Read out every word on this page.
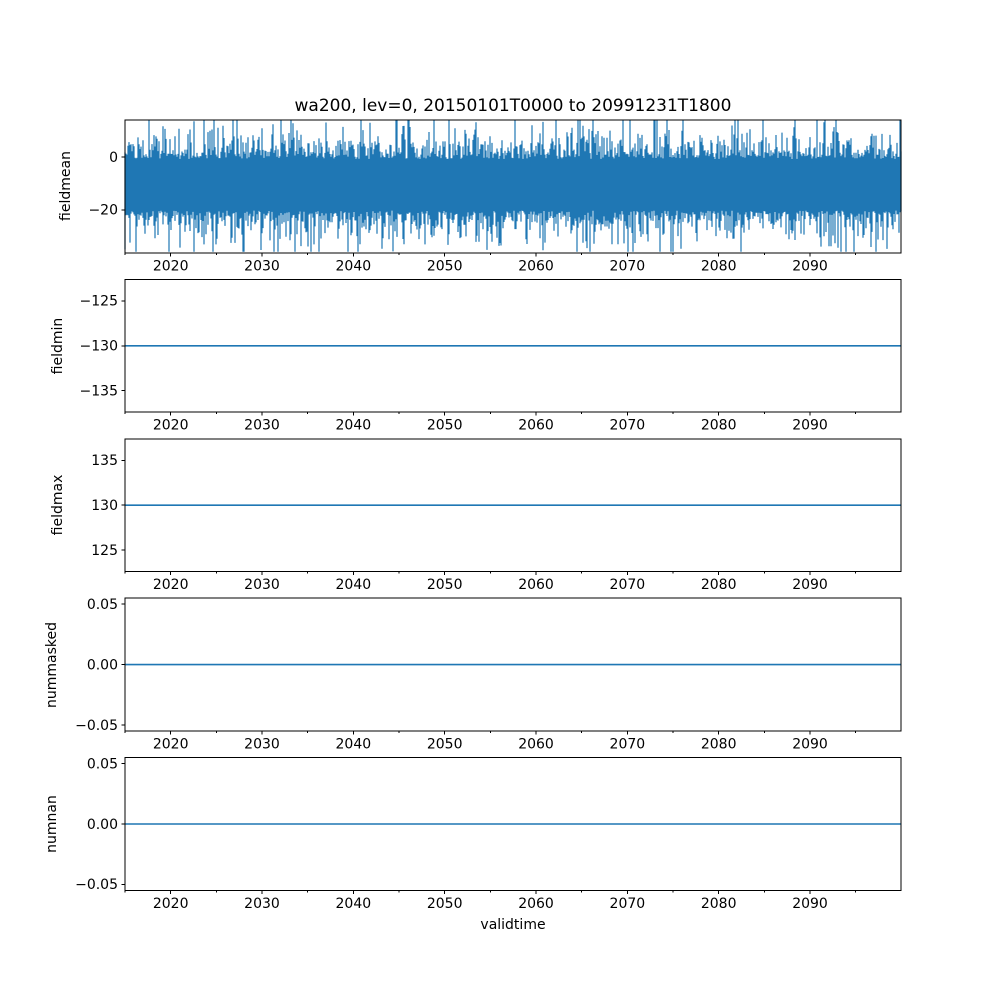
wa200, lev=0, 20150101T0000 to 20991231T1800
fieldmean
fieldmin
fieldmax
nummasked
numnan
validtime
2020	2030	2040	2050	2060	2070	2080	2090
0
−20
2020	2030	2040	2050	2060	2070	2080	2090
−125
−130
−135
2020	2030	2040	2050	2060	2070	2080	2090
135
130
125
2020	2030	2040	2050	2060	2070	2080	2090
0.05
0.00
−0.05
2020	2030	2040	2050	2060	2070	2080	2090
0.05
0.00
−0.05
